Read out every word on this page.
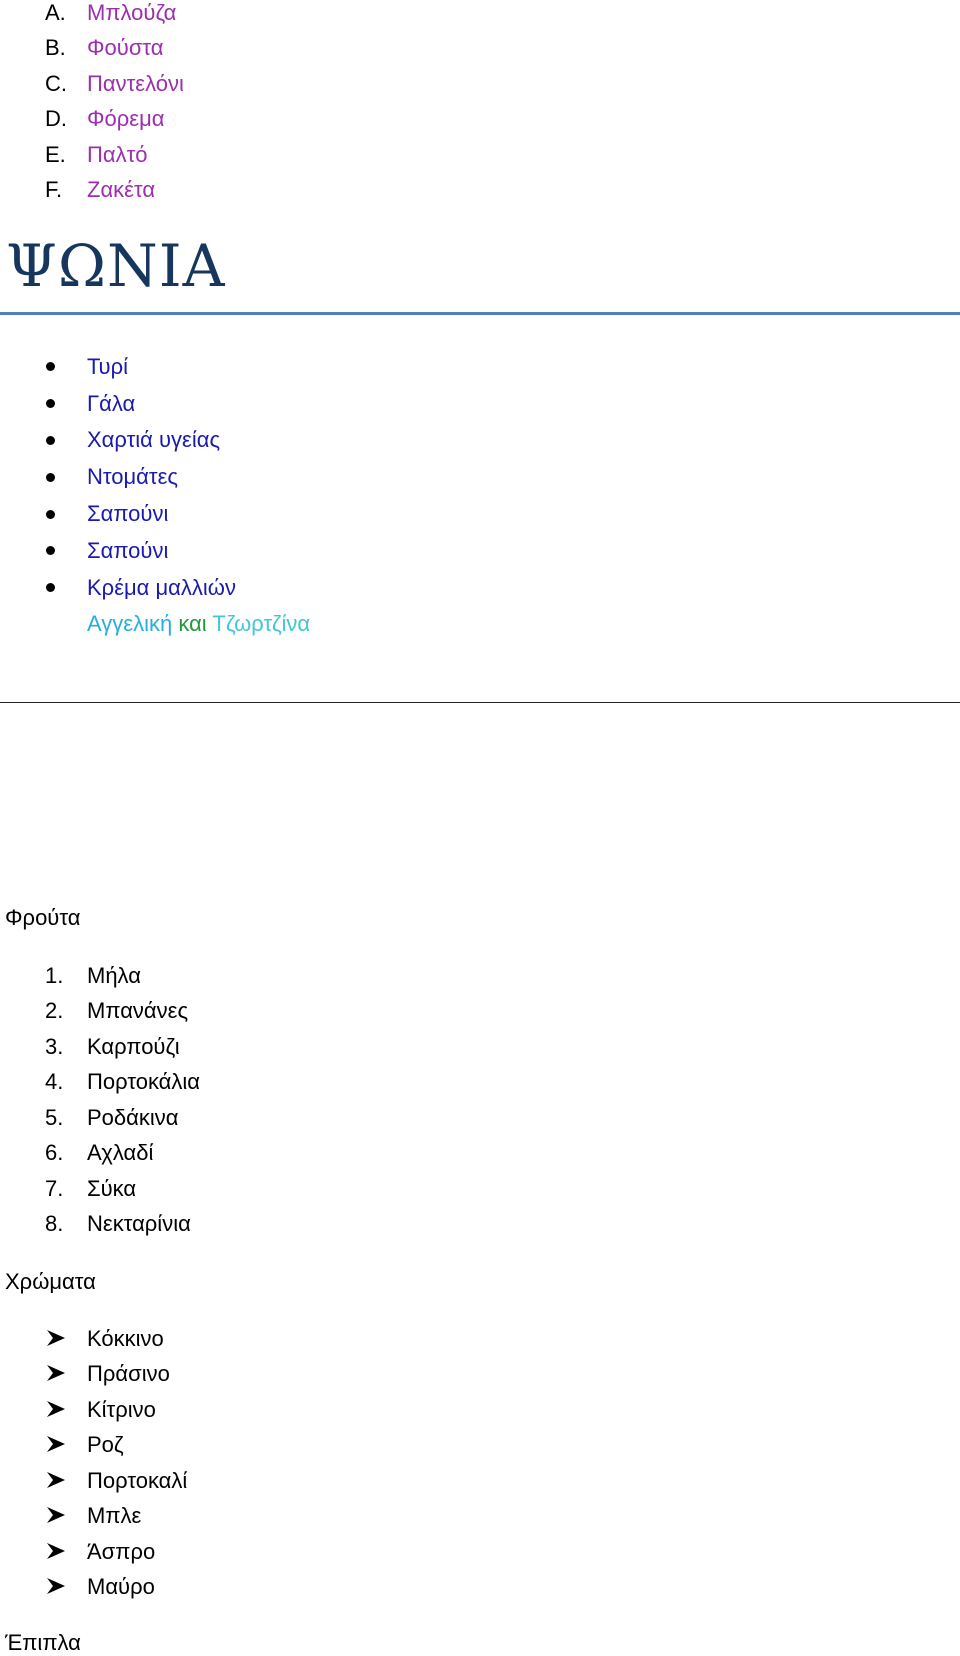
A. Μπλούζα
B. Φούστα
C. Παντελόνι
D. Φόρεμα
E. Παλτό
F. Ζακέτα
ΨΩΝΙΑ
Τυρί
Γάλα
Χαρτιά υγείας
Ντομάτες
Σαπούνι
Σαπούνι
Κρέμα μαλλιών
Αγγελική και Τζωρτζίνα
Φρούτα
1. Μήλα
2. Μπανάνες
3. Καρπούζι
4. Πορτοκάλια
5. Ροδάκινα
6. Αχλαδί
7. Σύκα
8. Νεκταρίνια
Χρώματα
Κόκκινο
Πράσινο
Κίτρινο
Ροζ
Πορτοκαλί
Μπλε
Άσπρο
Μαύρο
Έπιπλα
